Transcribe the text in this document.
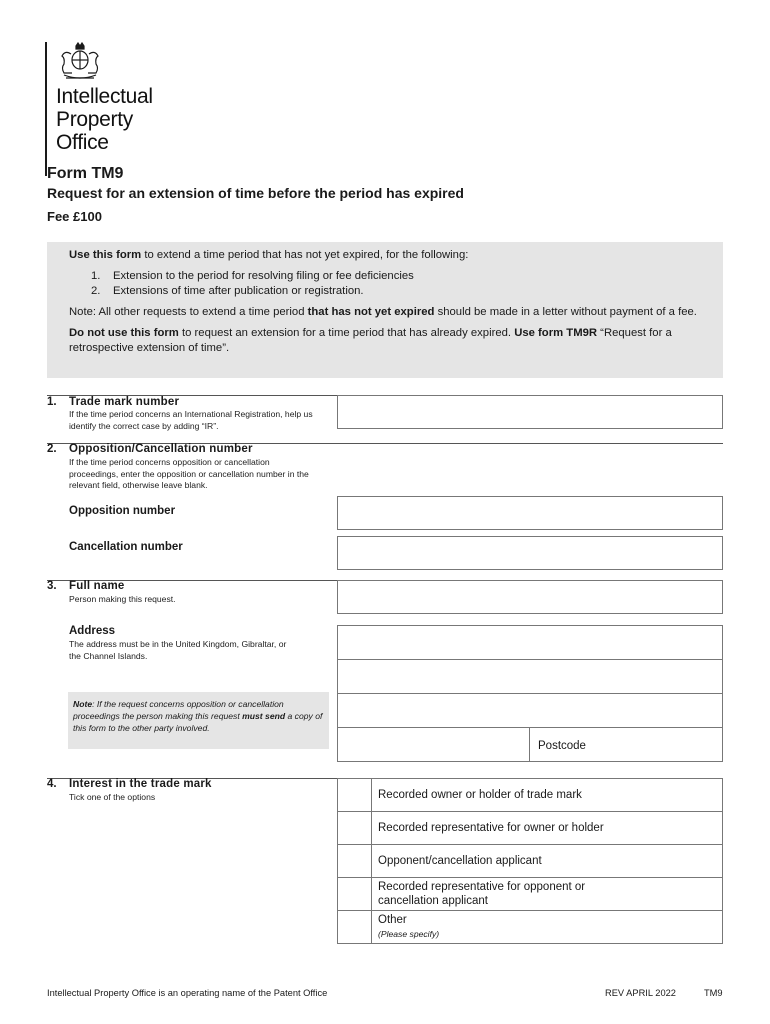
Intellectual
Property
Office
Form TM9
Request for an extension of time before the period has expired
Fee £100

Use this form to extend a time period that has not yet expired, for the following:

1.	Extension to the period for resolving filing or fee deficiencies
2.	Extensions of time after publication or registration.

Note: All other requests to extend a time period that has not yet expired should be made in a letter without payment of a fee.

Do not use this form to request an extension for a time period that has already expired. Use form TM9R “Request for a retrospective extension of time”.

1. Trade mark number
If the time period concerns an International Registration, help us identify the correct case by adding “IR”.
2. Opposition/Cancellation number
If the time period concerns opposition or cancellation proceedings, enter the opposition or cancellation number in the relevant field, otherwise leave blank.
Opposition number
Cancellation number
3. Full name
Person making this request.
Address
The address must be in the United Kingdom, Gibraltar, or the Channel Islands.
Postcode
Note: If the request concerns opposition or cancellation proceedings the person making this request must send a copy of this form to the other party involved.
4. Interest in the trade mark
Tick one of the options	Recorded owner or holder of trade mark
Recorded representative for owner or holder
Opponent/cancellation applicant
Recorded representative for opponent or cancellation applicant
Other
(Please specify)
Intellectual Property Office is an operating name of the Patent Office	REV APRIL 2022	TM9
